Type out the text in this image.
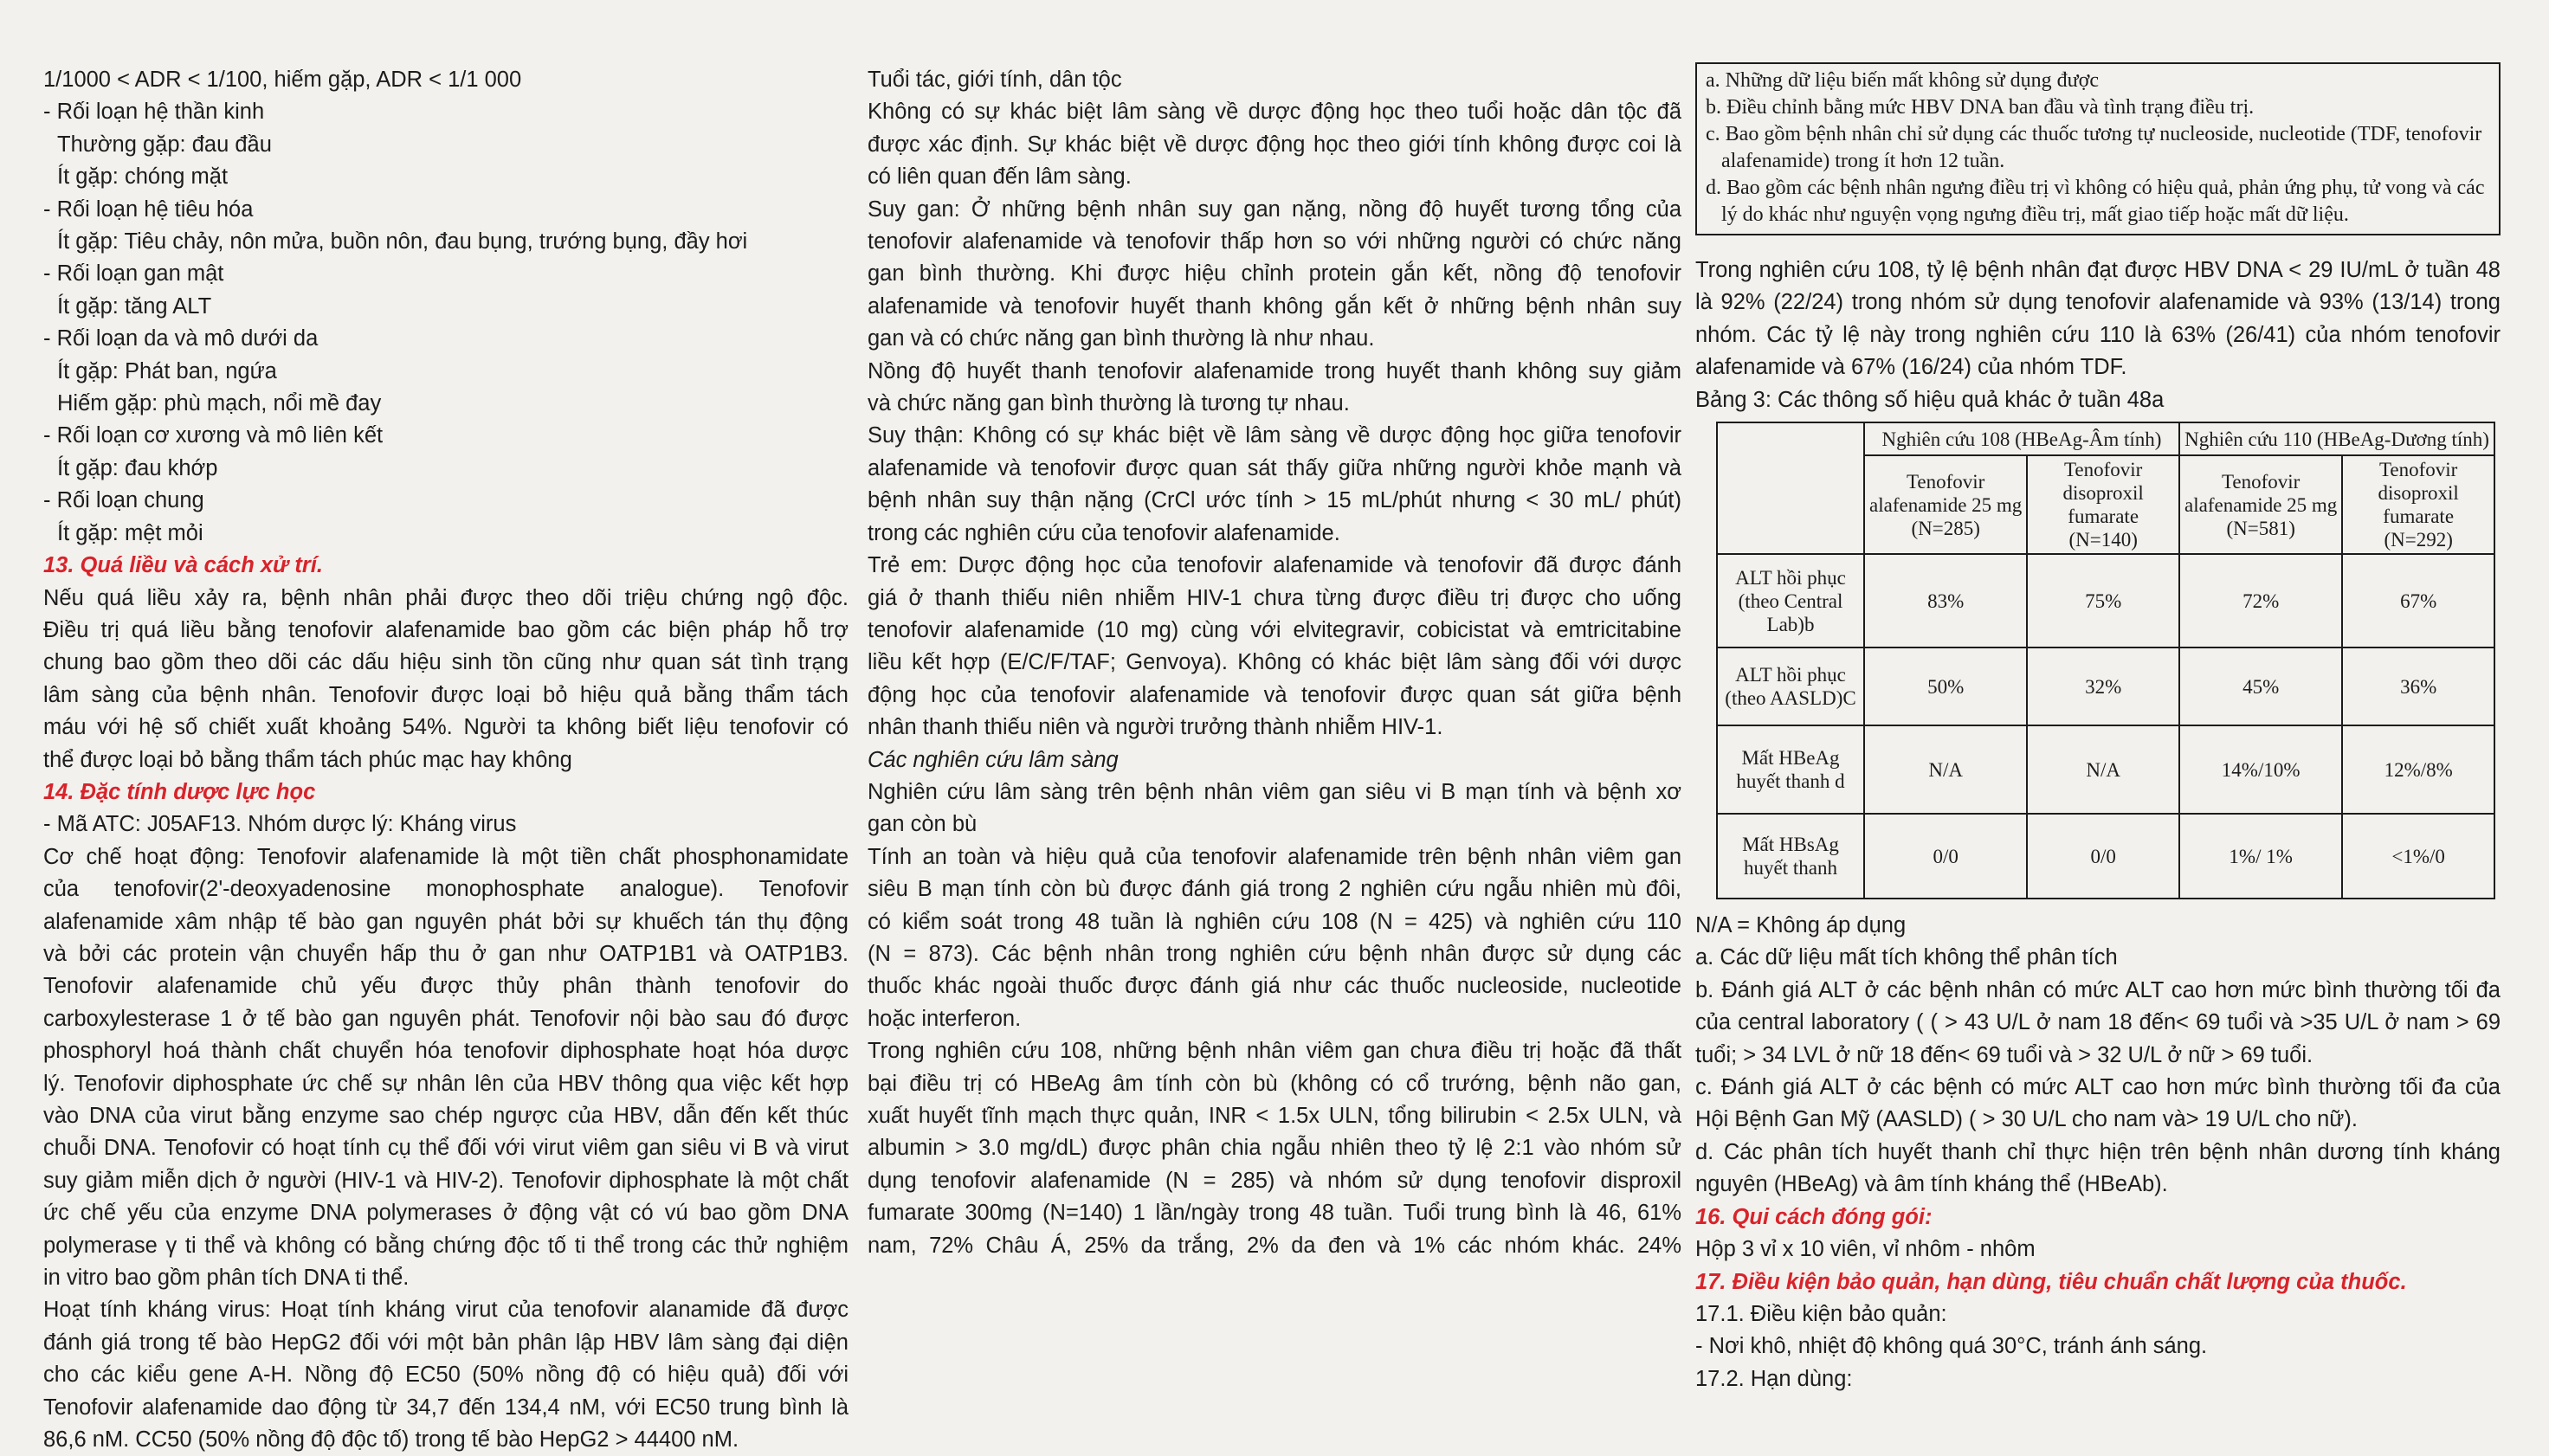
1/1000 < ADR < 1/100, hiếm gặp, ADR < 1/1 000
- Rối loạn hệ thần kinh
Thường gặp: đau đầu
Ít gặp: chóng mặt
- Rối loạn hệ tiêu hóa
Ít gặp: Tiêu chảy, nôn mửa, buồn nôn, đau bụng, trướng bụng, đầy hơi
- Rối loạn gan mật
Ít gặp: tăng ALT
- Rối loạn da và mô dưới da
Ít gặp: Phát ban, ngứa
Hiếm gặp: phù mạch, nổi mề đay
- Rối loạn cơ xương và mô liên kết
Ít gặp: đau khớp
- Rối loạn chung
Ít gặp: mệt mỏi
13. Quá liều và cách xử trí.
Nếu quá liều xảy ra, bệnh nhân phải được theo dõi triệu chứng ngộ độc.
Điều trị quá liều bằng tenofovir alafenamide bao gồm các biện pháp hỗ trợ
chung bao gồm theo dõi các dấu hiệu sinh tồn cũng như quan sát tình trạng
lâm sàng của bệnh nhân. Tenofovir được loại bỏ hiệu quả bằng thẩm tách
máu với hệ số chiết xuất khoảng 54%. Người ta không biết liệu tenofovir có
thể được loại bỏ bằng thẩm tách phúc mạc hay không
14. Đặc tính dược lực học
- Mã ATC: J05AF13. Nhóm dược lý: Kháng virus
Cơ chế hoạt động: Tenofovir alafenamide là một tiền chất phosphonamidate
của tenofovir(2'-deoxyadenosine monophosphate analogue). Tenofovir
alafenamide xâm nhập tế bào gan nguyên phát bởi sự khuếch tán thụ động
và bởi các protein vận chuyển hấp thu ở gan như OATP1B1 và OATP1B3.
Tenofovir alafenamide chủ yếu được thủy phân thành tenofovir do
carboxylesterase 1 ở tế bào gan nguyên phát. Tenofovir nội bào sau đó được
phosphoryl hoá thành chất chuyển hóa tenofovir diphosphate hoạt hóa dược
lý. Tenofovir diphosphate ức chế sự nhân lên của HBV thông qua việc kết hợp
vào DNA của virut bằng enzyme sao chép ngược của HBV, dẫn đến kết thúc
chuỗi DNA. Tenofovir có hoạt tính cụ thể đối với virut viêm gan siêu vi B và virut
suy giảm miễn dịch ở người (HIV-1 và HIV-2). Tenofovir diphosphate là một chất
ức chế yếu của enzyme DNA polymerases ở động vật có vú bao gồm DNA
polymerase γ ti thể và không có bằng chứng độc tố ti thể trong các thử nghiệm
in vitro bao gồm phân tích DNA ti thể.
Hoạt tính kháng virus: Hoạt tính kháng virut của tenofovir alanamide đã được
đánh giá trong tế bào HepG2 đối với một bản phân lập HBV lâm sàng đại diện
cho các kiểu gene A-H. Nồng độ EC50 (50% nồng độ có hiệu quả) đối với
Tenofovir alafenamide dao động từ 34,7 đến 134,4 nM, với EC50 trung bình là
86,6 nM. CC50 (50% nồng độ độc tố) trong tế bào HepG2 > 44400 nM.
Tuổi tác, giới tính, dân tộc
Không có sự khác biệt lâm sàng về dược động học theo tuổi hoặc dân tộc đã
được xác định. Sự khác biệt về dược động học theo giới tính không được coi là
có liên quan đến lâm sàng.
Suy gan: Ở những bệnh nhân suy gan nặng, nồng độ huyết tương tổng của
tenofovir alafenamide và tenofovir thấp hơn so với những người có chức năng
gan bình thường. Khi được hiệu chỉnh protein gắn kết, nồng độ tenofovir
alafenamide và tenofovir huyết thanh không gắn kết ở những bệnh nhân suy
gan và có chức năng gan bình thường là như nhau.
Nồng độ huyết thanh tenofovir alafenamide trong huyết thanh không suy giảm
và chức năng gan bình thường là tương tự nhau.
Suy thận: Không có sự khác biệt về lâm sàng về dược động học giữa tenofovir
alafenamide và tenofovir được quan sát thấy giữa những người khỏe mạnh và
bệnh nhân suy thận nặng (CrCl ước tính > 15 mL/phút nhưng < 30 mL/ phút)
trong các nghiên cứu của tenofovir alafenamide.
Trẻ em: Dược động học của tenofovir alafenamide và tenofovir đã được đánh
giá ở thanh thiếu niên nhiễm HIV-1 chưa từng được điều trị được cho uống
tenofovir alafenamide (10 mg) cùng với elvitegravir, cobicistat và emtricitabine
liều kết hợp (E/C/F/TAF; Genvoya). Không có khác biệt lâm sàng đối với dược
động học của tenofovir alafenamide và tenofovir được quan sát giữa bệnh
nhân thanh thiếu niên và người trưởng thành nhiễm HIV-1.
Các nghiên cứu lâm sàng
Nghiên cứu lâm sàng trên bệnh nhân viêm gan siêu vi B mạn tính và bệnh xơ
gan còn bù
Tính an toàn và hiệu quả của tenofovir alafenamide trên bệnh nhân viêm gan
siêu B mạn tính còn bù được đánh giá trong 2 nghiên cứu ngẫu nhiên mù đôi,
có kiểm soát trong 48 tuần là nghiên cứu 108 (N = 425) và nghiên cứu 110
(N = 873). Các bệnh nhân trong nghiên cứu bệnh nhân được sử dụng các
thuốc khác ngoài thuốc được đánh giá như các thuốc nucleoside, nucleotide
hoặc interferon.
Trong nghiên cứu 108, những bệnh nhân viêm gan chưa điều trị hoặc đã thất
bại điều trị có HBeAg âm tính còn bù (không có cổ trướng, bệnh não gan,
xuất huyết tĩnh mạch thực quản, INR < 1.5x ULN, tổng bilirubin < 2.5x ULN, và
albumin > 3.0 mg/dL) được phân chia ngẫu nhiên theo tỷ lệ 2:1 vào nhóm sử
dụng tenofovir alafenamide (N = 285) và nhóm sử dụng tenofovir disproxil
fumarate 300mg (N=140) 1 lần/ngày trong 48 tuần. Tuổi trung bình là 46, 61%
nam, 72% Châu Á, 25% da trắng, 2% da đen và 1% các nhóm khác. 24%
a. Những dữ liệu biến mất không sử dụng được
b. Điều chỉnh bằng mức HBV DNA ban đầu và tình trạng điều trị.
c. Bao gồm bệnh nhân chỉ sử dụng các thuốc tương tự nucleoside, nucleotide (TDF, tenofovir
alafenamide) trong ít hơn 12 tuần.
d. Bao gồm các bệnh nhân ngưng điều trị vì không có hiệu quả, phản ứng phụ, tử vong và các
lý do khác như nguyện vọng ngưng điều trị, mất giao tiếp hoặc mất dữ liệu.
Trong nghiên cứu 108, tỷ lệ bệnh nhân đạt được HBV DNA < 29 IU/mL ở tuần 48
là 92% (22/24) trong nhóm sử dụng tenofovir alafenamide và 93% (13/14) trong
nhóm. Các tỷ lệ này trong nghiên cứu 110 là 63% (26/41) của nhóm tenofovir
alafenamide và 67% (16/24) của nhóm TDF.
Bảng 3: Các thông số hiệu quả khác ở tuần 48a
	Nghiên cứu 108 (HBeAg-Âm tính)		Nghiên cứu 110 (HBeAg-Dương tính)	
	Tenofovir alafenamide 25 mg (N=285)	Tenofovir disoproxil fumarate (N=140)	Tenofovir alafenamide 25 mg (N=581)	Tenofovir disoproxil fumarate (N=292)
ALT hồi phục (theo Central Lab)b	83%	75%	72%	67%
ALT hồi phục (theo AASLD)C	50%	32%	45%	36%
Mất HBeAg huyết thanh d	N/A	N/A	14%/10%	12%/8%
Mất HBsAg huyết thanh	0/0	0/0	1%/ 1%	<1%/0
N/A = Không áp dụng
a. Các dữ liệu mất tích không thể phân tích
b. Đánh giá ALT ở các bệnh nhân có mức ALT cao hơn mức bình thường tối đa
của central laboratory ( ( > 43 U/L ở nam 18 đến< 69 tuổi và >35 U/L ở nam > 69
tuổi; > 34 LVL ở nữ 18 đến< 69 tuổi và > 32 U/L ở nữ > 69 tuổi.
c. Đánh giá ALT ở các bệnh có mức ALT cao hơn mức bình thường tối đa của
Hội Bệnh Gan Mỹ (AASLD) ( > 30 U/L cho nam và> 19 U/L cho nữ).
d. Các phân tích huyết thanh chỉ thực hiện trên bệnh nhân dương tính kháng
nguyên (HBeAg) và âm tính kháng thể (HBeAb).
16. Qui cách đóng gói:
Hộp 3 vỉ x 10 viên, vỉ nhôm - nhôm
17. Điều kiện bảo quản, hạn dùng, tiêu chuẩn chất lượng của thuốc.
17.1. Điều kiện bảo quản:
- Nơi khô, nhiệt độ không quá 30°C, tránh ánh sáng.
17.2. Hạn dùng:
